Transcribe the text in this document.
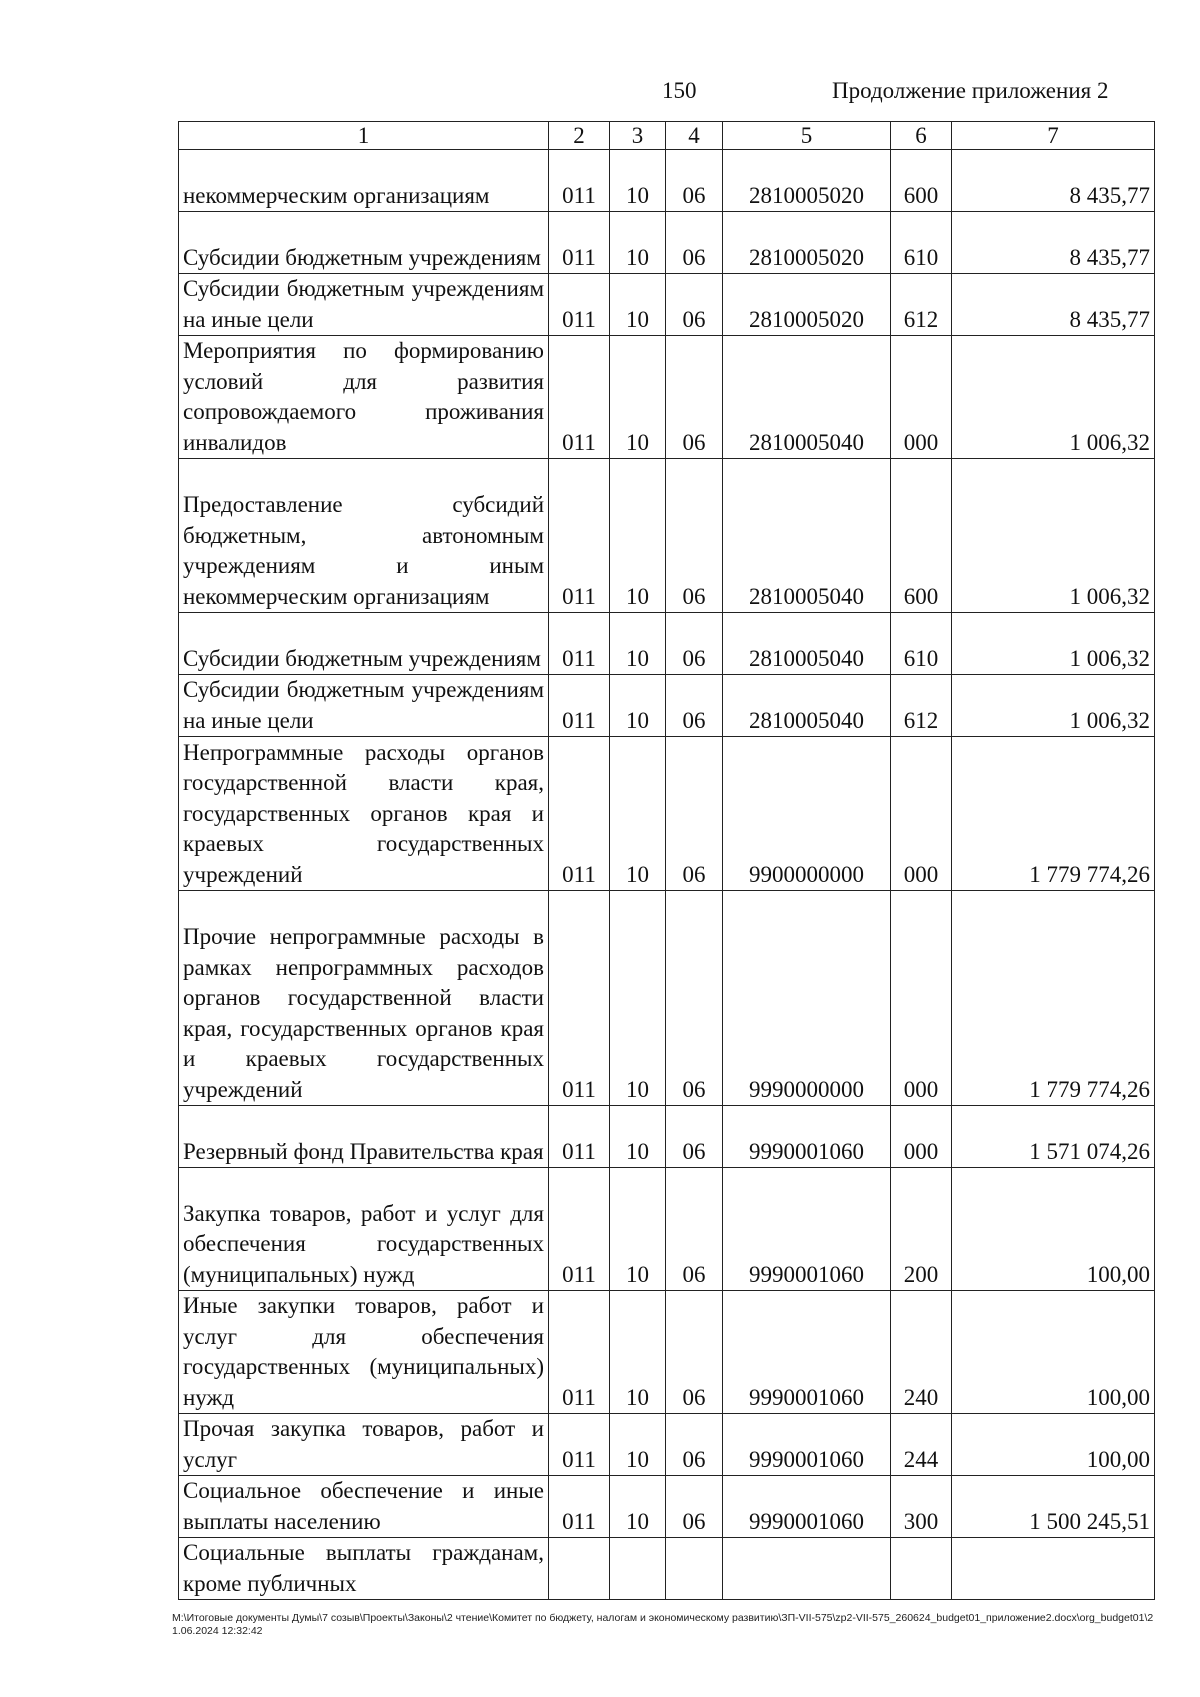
150	Продолжение приложения 2
1	2	3	4	5	6	7
некоммерческим организациям	011	10	06	2810005020	600	8 435,77
Субсидии бюджетным учреждениям	011	10	06	2810005020	610	8 435,77
Субсидии бюджетным учреждениям на иные цели	011	10	06	2810005020	612	8 435,77
Мероприятия по формированию условий для развития сопровождаемого проживания инвалидов	011	10	06	2810005040	000	1 006,32
Предоставление субсидий бюджетным, автономным учреждениям и иным некоммерческим организациям	011	10	06	2810005040	600	1 006,32
Субсидии бюджетным учреждениям	011	10	06	2810005040	610	1 006,32
Субсидии бюджетным учреждениям на иные цели	011	10	06	2810005040	612	1 006,32
Непрограммные расходы органов государственной власти края, государственных органов края и краевых государственных учреждений	011	10	06	9900000000	000	1 779 774,26
Прочие непрограммные расходы в рамках непрограммных расходов органов государственной власти края, государственных органов края и краевых государственных учреждений	011	10	06	9990000000	000	1 779 774,26
Резервный фонд Правительства края	011	10	06	9990001060	000	1 571 074,26
Закупка товаров, работ и услуг для обеспечения государственных (муниципальных) нужд	011	10	06	9990001060	200	100,00
Иные закупки товаров, работ и услуг для обеспечения государственных (муниципальных) нужд	011	10	06	9990001060	240	100,00
Прочая закупка товаров, работ и услуг	011	10	06	9990001060	244	100,00
Социальное обеспечение и иные выплаты населению	011	10	06	9990001060	300	1 500 245,51
Социальные выплаты гражданам, кроме публичных						
M:\Итоговые документы Думы\7 созыв\Проекты\Законы\2 чтение\Комитет по бюджету, налогам и экономическому развитию\ЗП-VII-575\zp2-VII-575_260624_budget01_приложение2.docx\org_budget01\21.06.2024 12:32:42
